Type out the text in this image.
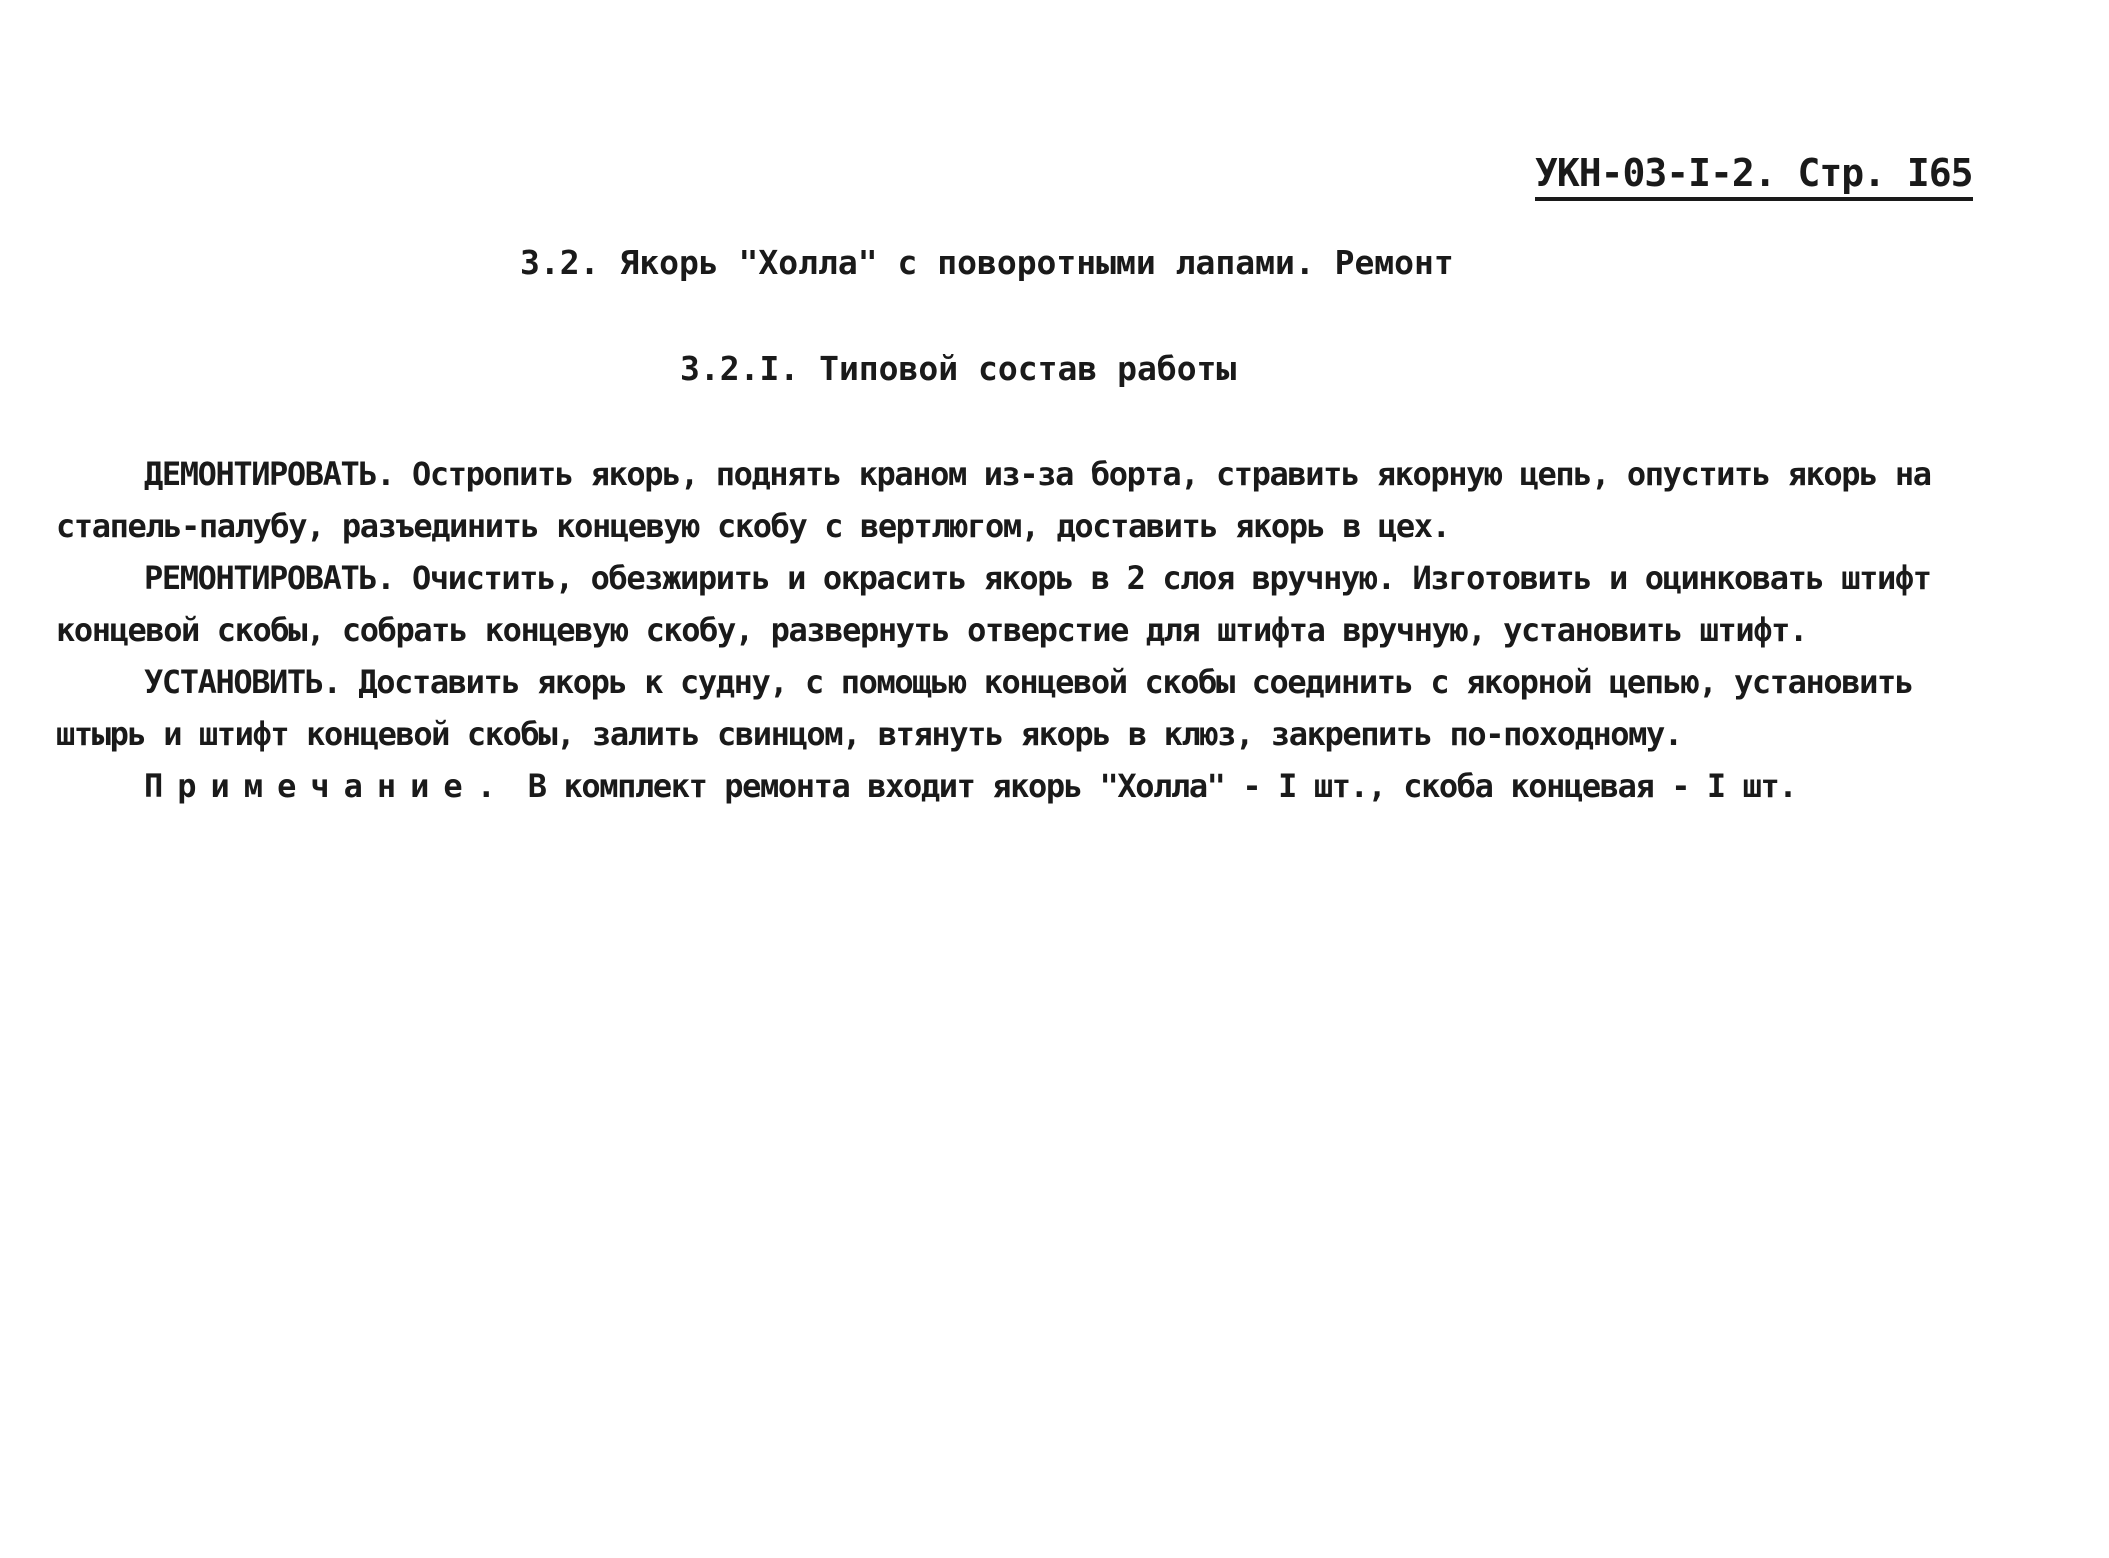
УКН-03-I-2. Стр. I65
3.2. Якорь "Холла" с поворотными лапами. Ремонт
3.2.I. Типовой состав работы

ДЕМОНТИРОВАТЬ. Остропить якорь, поднять краном из-за борта, стравить якорную цепь, опустить якорь на стапель-палубу, разъединить концевую скобу с вертлюгом, доставить якорь в цех.

РЕМОНТИРОВАТЬ. Очистить, обезжирить и окрасить якорь в 2 слоя вручную. Изготовить и оцинковать штифт концевой скобы, собрать концевую скобу, развернуть отверстие для штифта вручную, установить штифт.

УСТАНОВИТЬ. Доставить якорь к судну, с помощью концевой скобы соединить с якорной цепью, установить штырь и штифт концевой скобы, залить свинцом, втянуть якорь в клюз, закрепить по-походному.

Примечание. В комплект ремонта входит якорь "Холла" - I шт., скоба концевая - I шт.
